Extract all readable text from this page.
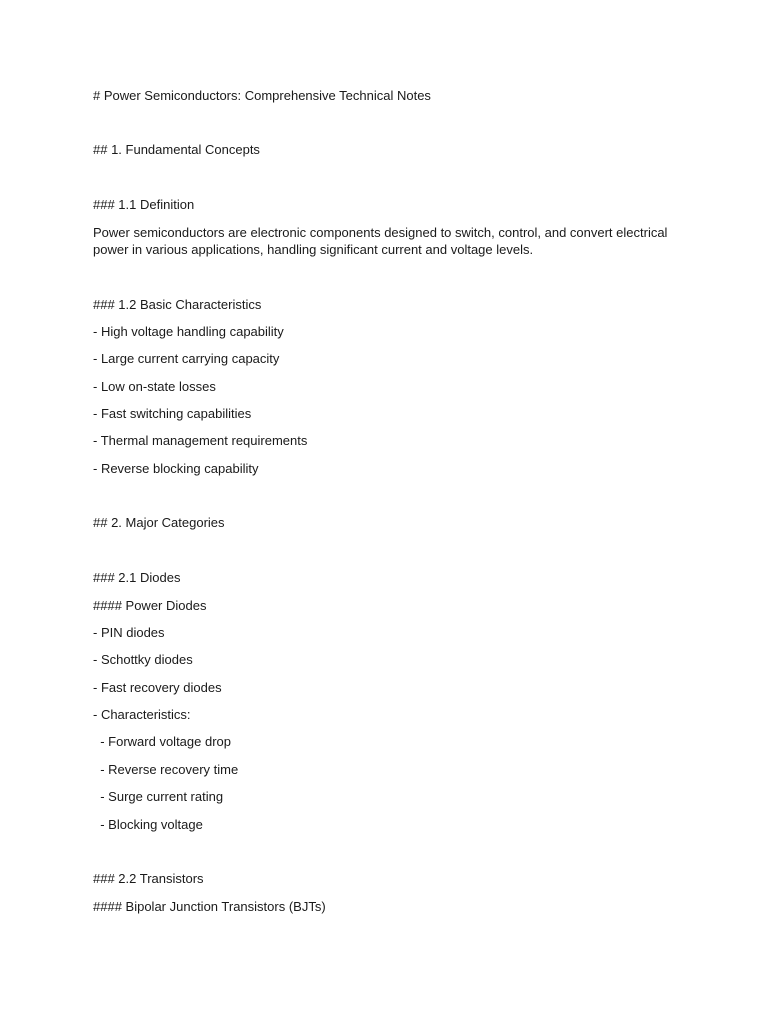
# Power Semiconductors: Comprehensive Technical Notes

## 1. Fundamental Concepts

### 1.1 Definition

Power semiconductors are electronic components designed to switch, control, and convert electrical

power in various applications, handling significant current and voltage levels.

### 1.2 Basic Characteristics

- High voltage handling capability

- Large current carrying capacity

- Low on-state losses

- Fast switching capabilities

- Thermal management requirements

- Reverse blocking capability

## 2. Major Categories

### 2.1 Diodes

#### Power Diodes

- PIN diodes

- Schottky diodes

- Fast recovery diodes

- Characteristics:

- Forward voltage drop

- Reverse recovery time

- Surge current rating

- Blocking voltage

### 2.2 Transistors

#### Bipolar Junction Transistors (BJTs)
